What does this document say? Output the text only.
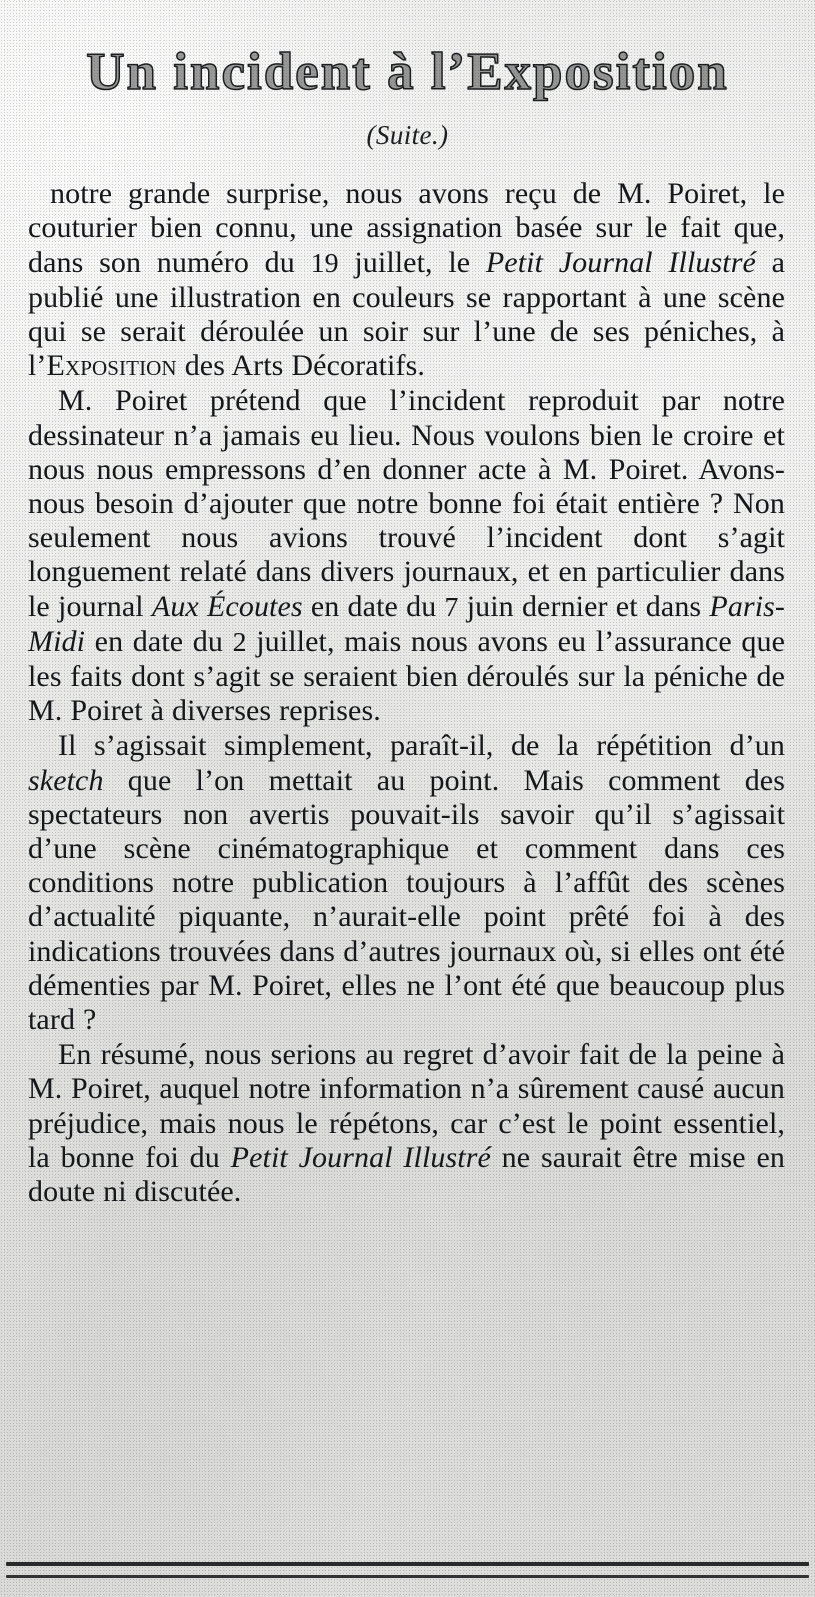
Un incident à l’Exposition
(Suite.)

notre grande surprise, nous avons reçu de M. Poiret, le couturier bien connu, une assignation basée sur le fait que, dans son numéro du 19 juillet, le Petit Journal Illustré a publié une illustration en couleurs se rapportant à une scène qui se serait déroulée un soir sur l’une de ses péniches, à l’Exposition des Arts Décoratifs.

M. Poiret prétend que l’incident reproduit par notre dessinateur n’a jamais eu lieu. Nous voulons bien le croire et nous nous empressons d’en donner acte à M. Poiret. Avons-nous besoin d’ajouter que notre bonne foi était entière ? Non seulement nous avions trouvé l’incident dont s’agit longuement relaté dans divers journaux, et en particulier dans le journal Aux Écoutes en date du 7 juin dernier et dans Paris-Midi en date du 2 juillet, mais nous avons eu l’assurance que les faits dont s’agit se seraient bien déroulés sur la péniche de M. Poiret à diverses reprises.

Il s’agissait simplement, paraît-il, de la répétition d’un sketch que l’on mettait au point. Mais comment des spectateurs non avertis pouvait-ils savoir qu’il s’agissait d’une scène cinématographique et comment dans ces conditions notre publication toujours à l’affût des scènes d’actualité piquante, n’aurait-elle point prêté foi à des indications trouvées dans d’autres journaux où, si elles ont été démenties par M. Poiret, elles ne l’ont été que beaucoup plus tard ?

En résumé, nous serions au regret d’avoir fait de la peine à M. Poiret, auquel notre information n’a sûrement causé aucun préjudice, mais nous le répétons, car c’est le point essentiel, la bonne foi du Petit Journal Illustré ne saurait être mise en doute ni discutée.
